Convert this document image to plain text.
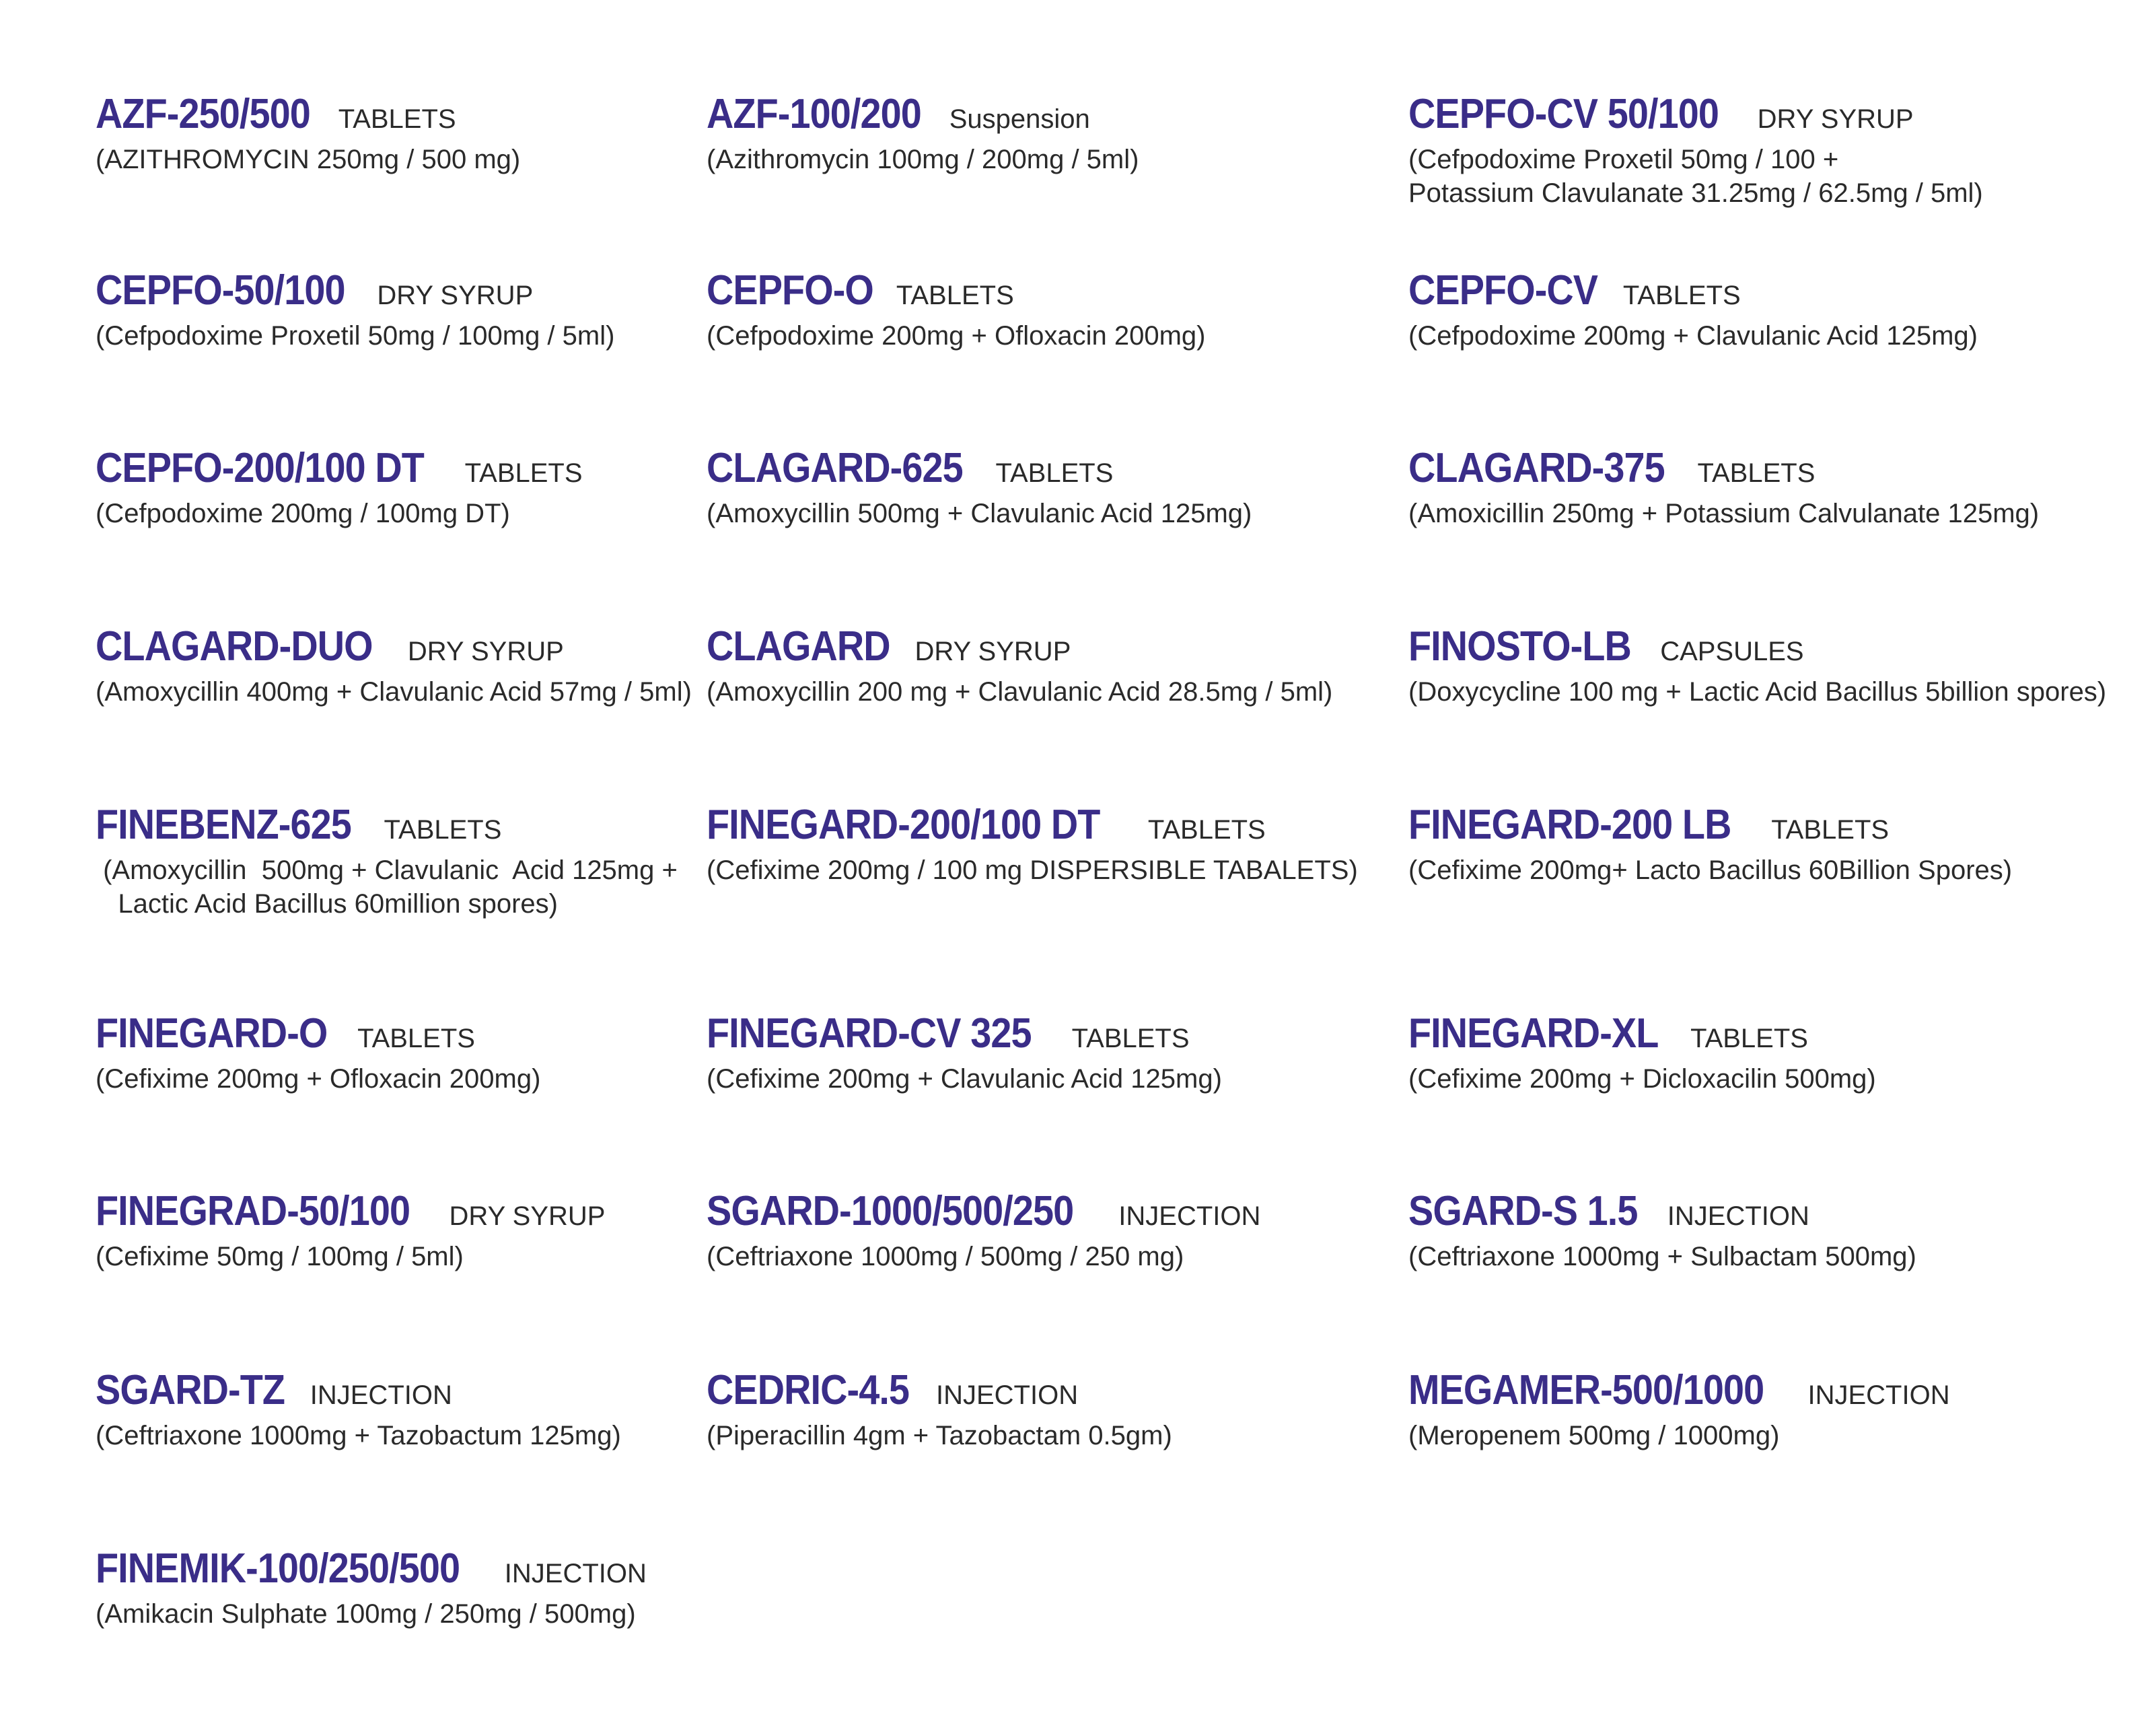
AZF-250/500 TABLETS
(AZITHROMYCIN 250mg / 500 mg)
AZF-100/200 Suspension
(Azithromycin 100mg / 200mg / 5ml)
CEPFO-CV 50/100 DRY SYRUP
(Cefpodoxime Proxetil 50mg / 100 +
Potassium Clavulanate 31.25mg / 62.5mg / 5ml)
CEPFO-50/100 DRY SYRUP
(Cefpodoxime Proxetil 50mg / 100mg / 5ml)
CEPFO-O TABLETS
(Cefpodoxime 200mg + Ofloxacin 200mg)
CEPFO-CV TABLETS
(Cefpodoxime 200mg + Clavulanic Acid 125mg)
CEPFO-200/100 DT TABLETS
(Cefpodoxime 200mg / 100mg DT)
CLAGARD-625 TABLETS
(Amoxycillin 500mg + Clavulanic Acid 125mg)
CLAGARD-375 TABLETS
(Amoxicillin 250mg + Potassium Calvulanate 125mg)
CLAGARD-DUO DRY SYRUP
(Amoxycillin 400mg + Clavulanic Acid 57mg / 5ml)
CLAGARD DRY SYRUP
(Amoxycillin 200 mg + Clavulanic Acid 28.5mg / 5ml)
FINOSTO-LB CAPSULES
(Doxycycline 100 mg + Lactic Acid Bacillus 5billion spores)
FINEBENZ-625 TABLETS
(Amoxycillin  500mg + Clavulanic  Acid 125mg +
Lactic Acid Bacillus 60million spores)
FINEGARD-200/100 DT TABLETS
(Cefixime 200mg / 100 mg DISPERSIBLE TABALETS)
FINEGARD-200 LB TABLETS
(Cefixime 200mg+ Lacto Bacillus 60Billion Spores)
FINEGARD-O TABLETS
(Cefixime 200mg + Ofloxacin 200mg)
FINEGARD-CV 325 TABLETS
(Cefixime 200mg + Clavulanic Acid 125mg)
FINEGARD-XL TABLETS
(Cefixime 200mg + Dicloxacilin 500mg)
FINEGRAD-50/100 DRY SYRUP
(Cefixime 50mg / 100mg / 5ml)
SGARD-1000/500/250 INJECTION
(Ceftriaxone 1000mg / 500mg / 250 mg)
SGARD-S 1.5 INJECTION
(Ceftriaxone 1000mg + Sulbactam 500mg)
SGARD-TZ INJECTION
(Ceftriaxone 1000mg + Tazobactum 125mg)
CEDRIC-4.5 INJECTION
(Piperacillin 4gm + Tazobactam 0.5gm)
MEGAMER-500/1000 INJECTION
(Meropenem 500mg / 1000mg)
FINEMIK-100/250/500 INJECTION
(Amikacin Sulphate 100mg / 250mg / 500mg)
